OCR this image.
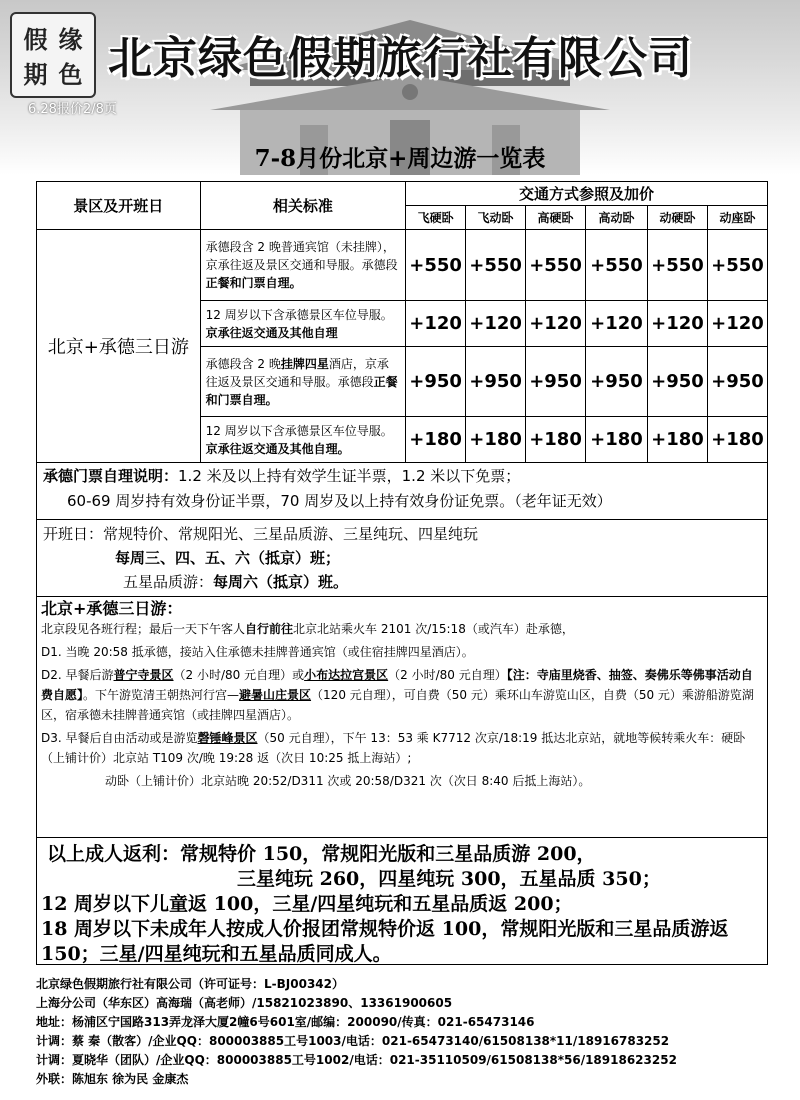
假 缘
期 色 北京绿色假期旅行社有限公司
6.28报价2/8页
7-8月份北京+周边游一览表
景区及开班日	相关标准	交通方式参照及加价					
		飞硬卧	飞动卧	高硬卧	高动卧	动硬卧	动座卧
北京+承德三日游	承德段含 2 晚普通宾馆（未挂牌），京承往返及景区交通和导服。承德段正餐和门票自理。	+550	+550	+550	+550	+550	+550
	12 周岁以下含承德景区车位导服。京承往返交通及其他自理	+120	+120	+120	+120	+120	+120
	承德段含 2 晚挂牌四星酒店，京承往返及景区交通和导服。承德段正餐和门票自理。	+950	+950	+950	+950	+950	+950
	12 周岁以下含承德景区车位导服。京承往返交通及其他自理。	+180	+180	+180	+180	+180	+180
承德门票自理说明：1.2 米及以上持有效学生证半票，1.2 米以下免票；
60-69 周岁持有效身份证半票，70 周岁及以上持有效身份证免票。（老年证无效）
开班日：常规特价、常规阳光、三星品质游、三星纯玩、四星纯玩
每周三、四、五、六（抵京）班；
五星品质游：每周六（抵京）班。
北京+承德三日游：

北京段见各班行程；最后一天下午客人自行前往北京北站乘火车 2101 次/15:18（或汽车）赴承德，

D1. 当晚 20:58 抵承德，接站入住承德未挂牌普通宾馆（或住宿挂牌四星酒店）。

D2. 早餐后游普宁寺景区（2 小时/80 元自理）或小布达拉宫景区（2 小时/80 元自理）【注：寺庙里烧香、抽签、奏佛乐等佛事活动自费自愿】。下午游览清王朝热河行宫—避暑山庄景区（120 元自理），可自费（50 元）乘环山车游览山区，自费（50 元）乘游船游览湖区，宿承德未挂牌普通宾馆（或挂牌四星酒店）。

D3. 早餐后自由活动或是游览磬锤峰景区（50 元自理），下午 13：53 乘 K7712 次京/18:19 抵达北京站，就地等候转乘火车：硬卧（上铺计价）北京站 T109 次/晚 19:28 返（次日 10:25 抵上海站）;

动卧（上铺计价）北京站晚 20:52/D311 次或 20:58/D321 次（次日 8:40 后抵上海站）。

以上成人返利：常规特价 150，常规阳光版和三星品质游 200，
三星纯玩 260，四星纯玩 300，五星品质 350；
12 周岁以下儿童返 100，三星/四星纯玩和五星品质返 200；
18 周岁以下未成年人按成人价报团常规特价返 100，常规阳光版和三星品质游返 150；三星/四星纯玩和五星品质同成人。
北京绿色假期旅行社有限公司（许可证号：L-BJ00342）
上海分公司（华东区）高海瑞（高老师）/15821023890、13361900605
地址：杨浦区宁国路313弄龙泽大厦2幢6号601室/邮编：200090/传真：021-65473146
计调：蔡 秦（散客）/企业QQ：800003885工号1003/电话：021-65473140/61508138*11/18916783252
计调：夏晓华（团队）/企业QQ：800003885工号1002/电话：021-35110509/61508138*56/18918623252
外联：陈旭东 徐为民 金康杰
